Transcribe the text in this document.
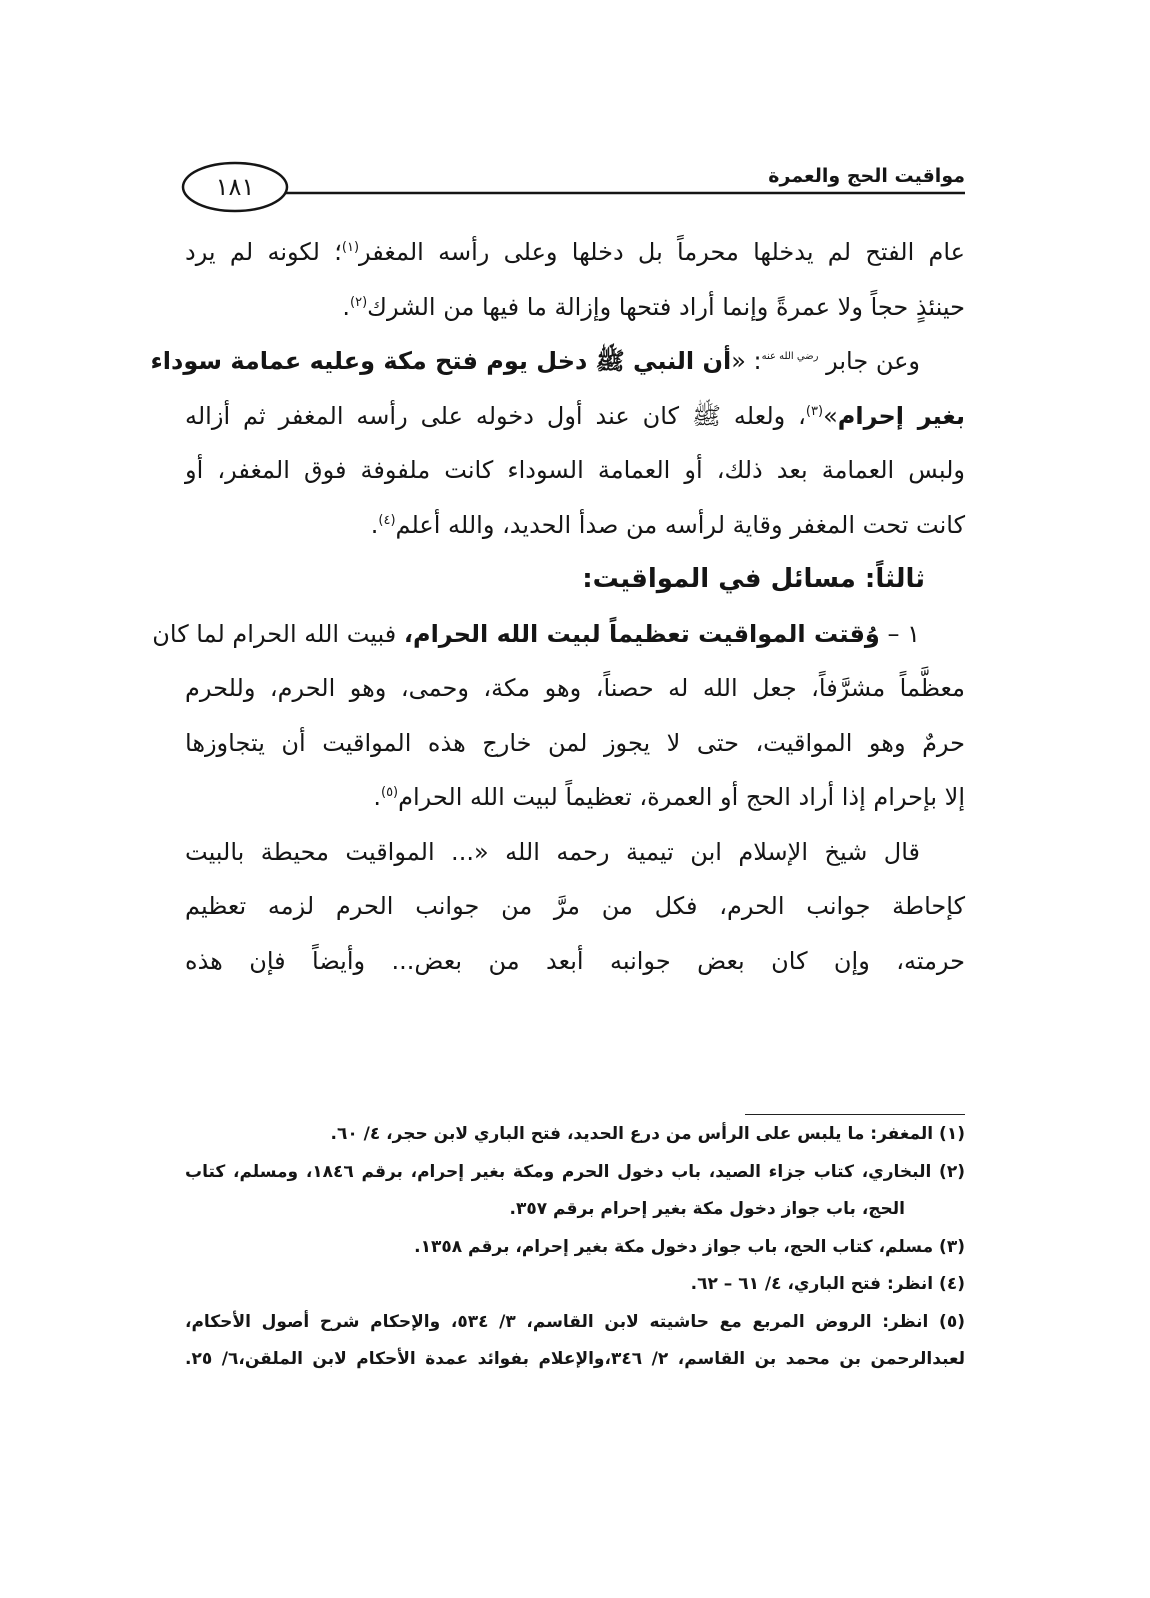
مواقيت الحج والعمرة
١٨١
عام الفتح لم يدخلها محرماً بل دخلها وعلى رأسه المغفر$^{(١)}$؛ لكونه لم يرد
حينئذٍ حجاً ولا عمرةً وإنما أراد فتحها وإزالة ما فيها من الشرك$^{(٢)}$.
وعن جابر $^{رضي الله عنه}$: «أن النبي ﷺ دخل يوم فتح مكة وعليه عمامة سوداء
بغير إحرام»$^{(٣)}$، ولعله ﷺ كان عند أول دخوله على رأسه المغفر ثم أزاله
ولبس العمامة بعد ذلك، أو العمامة السوداء كانت ملفوفة فوق المغفر، أو
كانت تحت المغفر وقاية لرأسه من صدأ الحديد، والله أعلم$^{(٤)}$.
ثالثاً: مسائل في المواقيت:
١ – وُقتت المواقيت تعظيماً لبيت الله الحرام، فبيت الله الحرام لما كان
معظَّماً مشرَّفاً، جعل الله له حصناً، وهو مكة، وحمى، وهو الحرم، وللحرم
حرمٌ وهو المواقيت، حتى لا يجوز لمن خارج هذه المواقيت أن يتجاوزها
إلا بإحرام إذا أراد الحج أو العمرة، تعظيماً لبيت الله الحرام$^{(٥)}$.
قال شيخ الإسلام ابن تيمية رحمه الله «... المواقيت محيطة بالبيت
كإحاطة جوانب الحرم، فكل من مرَّ من جوانب الحرم لزمه تعظيم
حرمته، وإن كان بعض جوانبه أبعد من بعض... وأيضاً فإن هذه
(١) المغفر: ما يلبس على الرأس من درع الحديد، فتح الباري لابن حجر، ٤/ ٦٠.
(٢) البخاري، كتاب جزاء الصيد، باب دخول الحرم ومكة بغير إحرام، برقم ١٨٤٦، ومسلم، كتاب
الحج، باب جواز دخول مكة بغير إحرام برقم ٣٥٧.
(٣) مسلم، كتاب الحج، باب جواز دخول مكة بغير إحرام، برقم ١٣٥٨.
(٤) انظر: فتح الباري، ٤/ ٦١ – ٦٢.
(٥) انظر: الروض المربع مع حاشيته لابن القاسم، ٣/ ٥٣٤، والإحكام شرح أصول الأحكام،
لعبدالرحمن بن محمد بن القاسم، ٢/ ٣٤٦،والإعلام بفوائد عمدة الأحكام لابن الملقن،٦/ ٢٥.
